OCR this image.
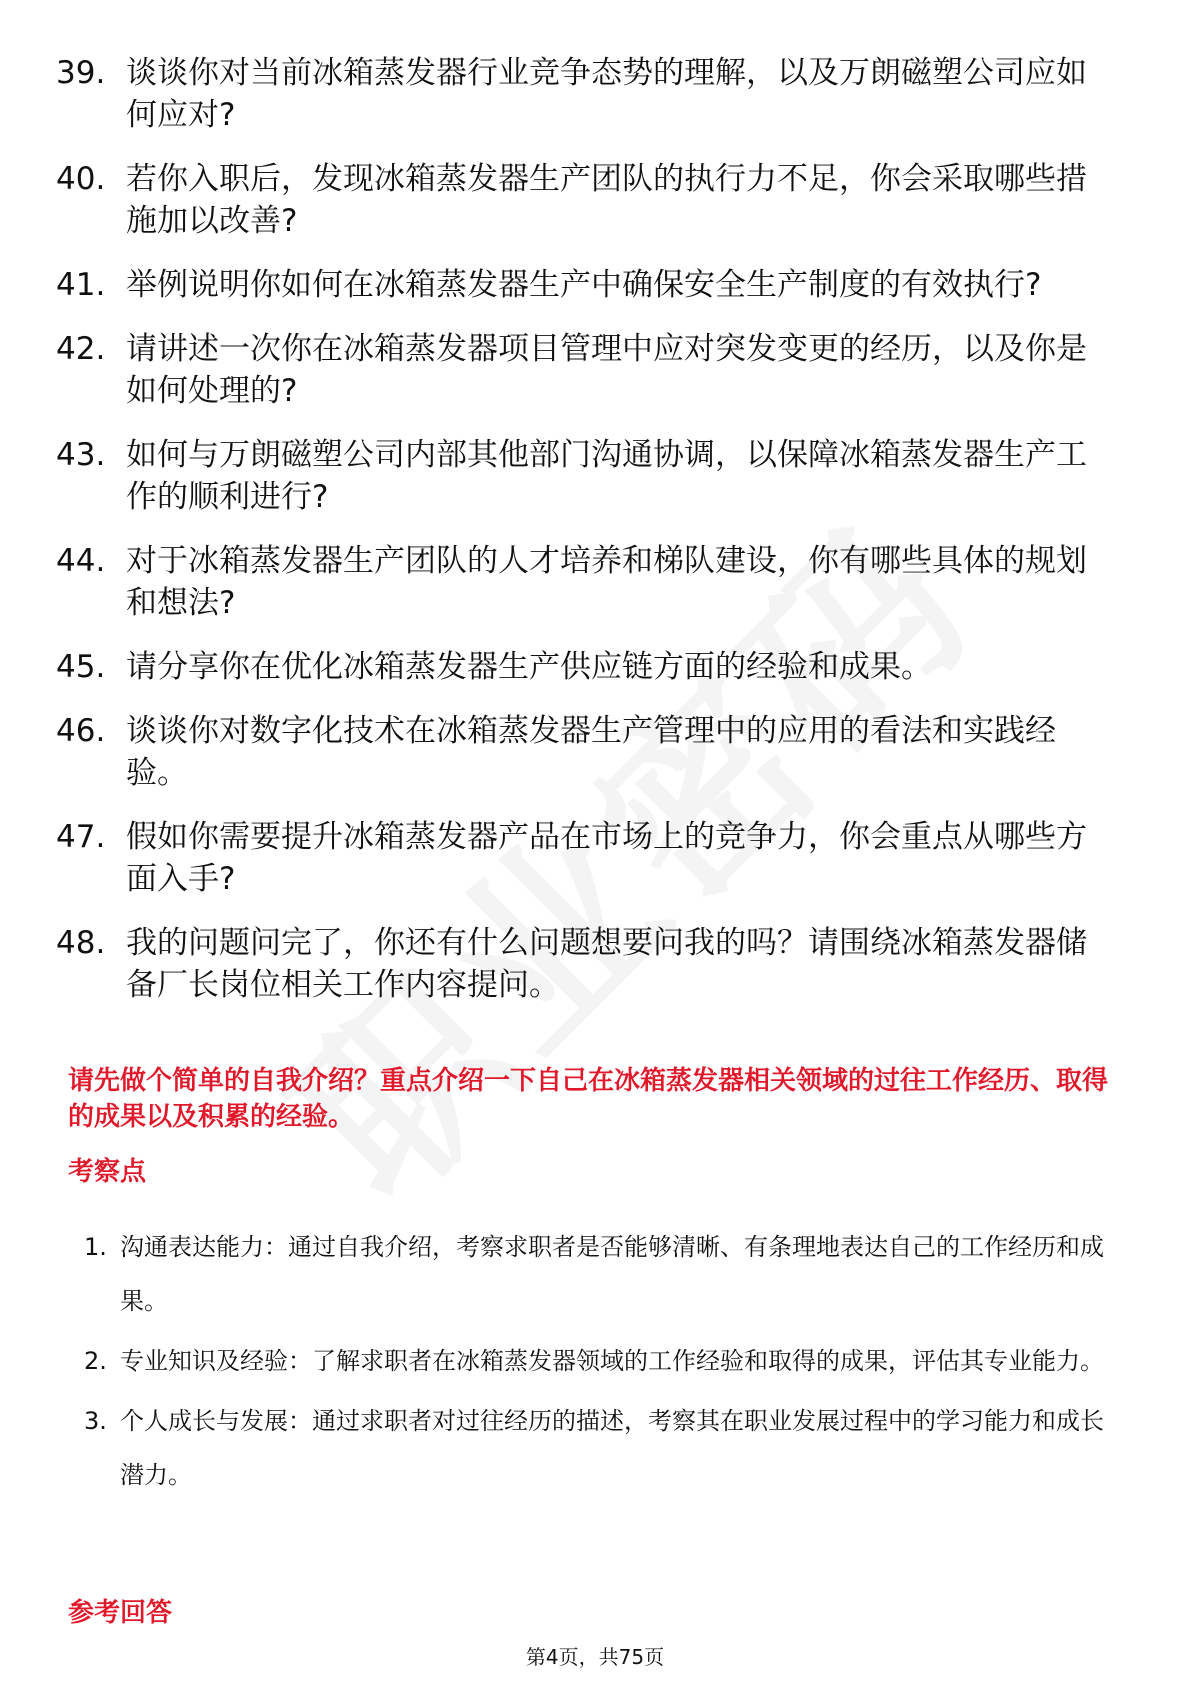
39. 谈谈你对当前冰箱蒸发器行业竞争态势的理解，以及万朗磁塑公司应如何应对?
40. 若你入职后，发现冰箱蒸发器生产团队的执行力不足，你会采取哪些措施加以改善?
41. 举例说明你如何在冰箱蒸发器生产中确保安全生产制度的有效执行?
42. 请讲述一次你在冰箱蒸发器项目管理中应对突发变更的经历，以及你是如何处理的?
43. 如何与万朗磁塑公司内部其他部门沟通协调，以保障冰箱蒸发器生产工作的顺利进行?
44. 对于冰箱蒸发器生产团队的人才培养和梯队建设，你有哪些具体的规划和想法?
45. 请分享你在优化冰箱蒸发器生产供应链方面的经验和成果。
46. 谈谈你对数字化技术在冰箱蒸发器生产管理中的应用的看法和实践经验。
47. 假如你需要提升冰箱蒸发器产品在市场上的竞争力，你会重点从哪些方面入手?
48. 我的问题问完了，你还有什么问题想要问我的吗？请围绕冰箱蒸发器储备厂长岗位相关工作内容提问。
请先做个简单的自我介绍？重点介绍一下自己在冰箱蒸发器相关领域的过往工作经历、取得的成果以及积累的经验。
考察点
1. 沟通表达能力：通过自我介绍，考察求职者是否能够清晰、有条理地表达自己的工作经历和成果。
2. 专业知识及经验：了解求职者在冰箱蒸发器领域的工作经验和取得的成果，评估其专业能力。
3. 个人成长与发展：通过求职者对过往经历的描述，考察其在职业发展过程中的学习能力和成长潜力。
参考回答
第4页，共75页
